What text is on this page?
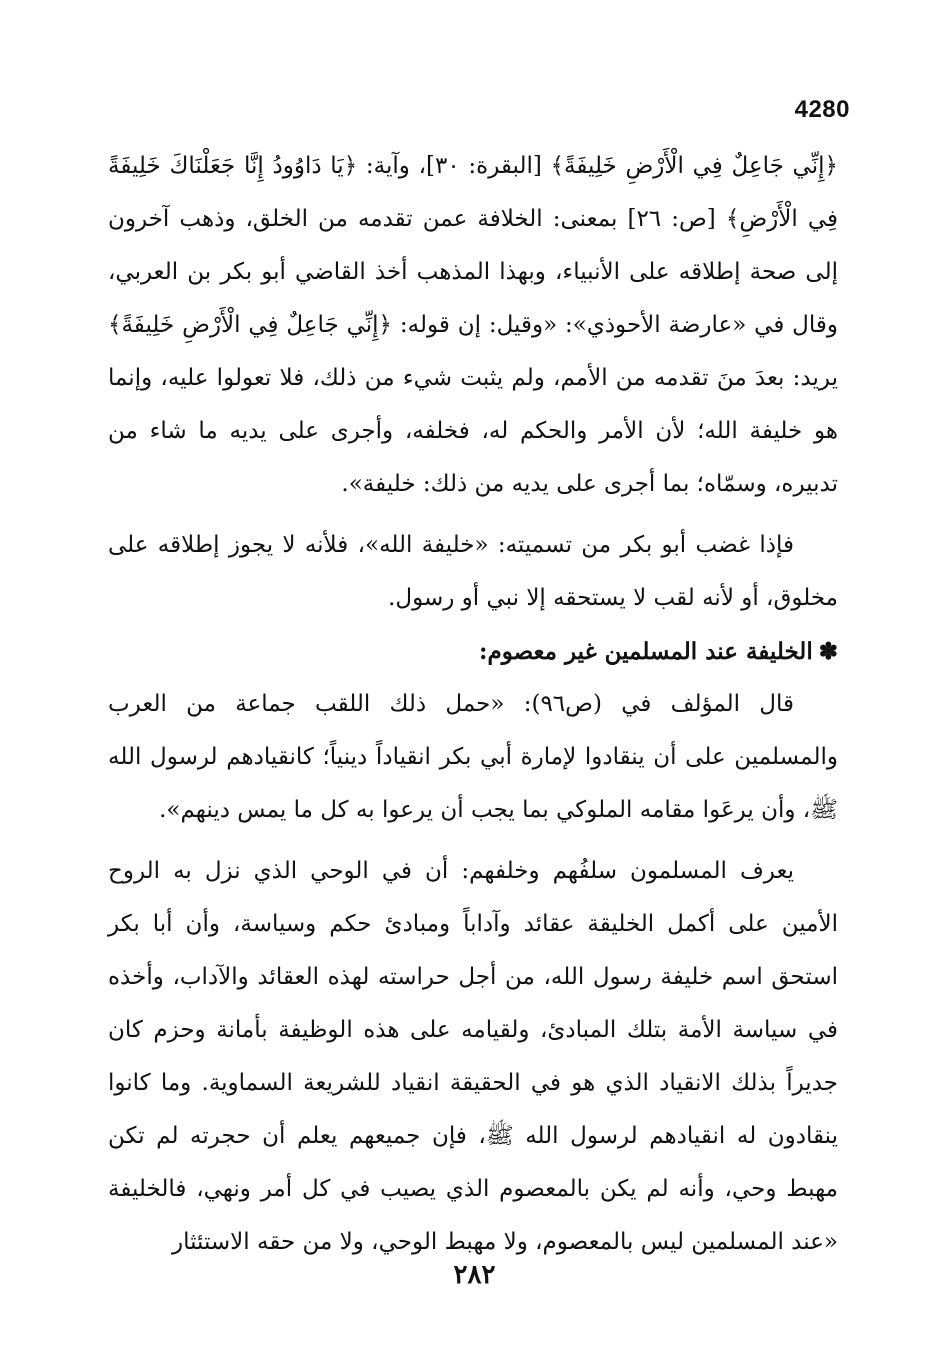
4280

﴿إِنِّي جَاعِلٌ فِي الْأَرْضِ خَلِيفَةً﴾ [البقرة: ٣٠]، وآية: ﴿يَا دَاوُودُ إِنَّا جَعَلْنَاكَ خَلِيفَةً فِي الْأَرْضِ﴾ [ص: ٢٦] بمعنى: الخلافة عمن تقدمه من الخلق، وذهب آخرون إلى صحة إطلاقه على الأنبياء، وبهذا المذهب أخذ القاضي أبو بكر بن العربي، وقال في «عارضة الأحوذي»: «وقيل: إن قوله: ﴿إِنِّي جَاعِلٌ فِي الْأَرْضِ خَلِيفَةً﴾ يريد: بعدَ منَ تقدمه من الأمم، ولم يثبت شيء من ذلك، فلا تعولوا عليه، وإنما هو خليفة الله؛ لأن الأمر والحكم له، فخلفه، وأجرى على يديه ما شاء من تدبيره، وسمّاه؛ بما أجرى على يديه من ذلك: خليفة».

فإذا غضب أبو بكر من تسميته: «خليفة الله»، فلأنه لا يجوز إطلاقه على مخلوق، أو لأنه لقب لا يستحقه إلا نبي أو رسول.

✽الخليفة عند المسلمين غير معصوم:

قال المؤلف في (ص٩٦): «حمل ذلك اللقب جماعة من العرب والمسلمين على أن ينقادوا لإمارة أبي بكر انقياداً دينياً؛ كانقيادهم لرسول الله ﷺ، وأن يرعَوا مقامه الملوكي بما يجب أن يرعوا به كل ما يمس دينهم».

يعرف المسلمون سلفُهم وخلفهم: أن في الوحي الذي نزل به الروح الأمين على أكمل الخليقة عقائد وآداباً ومبادئ حكم وسياسة، وأن أبا بكر استحق اسم خليفة رسول الله، من أجل حراسته لهذه العقائد والآداب، وأخذه في سياسة الأمة بتلك المبادئ، ولقيامه على هذه الوظيفة بأمانة وحزم كان جديراً بذلك الانقياد الذي هو في الحقيقة انقياد للشريعة السماوية. وما كانوا ينقادون له انقيادهم لرسول الله ﷺ، فإن جميعهم يعلم أن حجرته لم تكن مهبط وحي، وأنه لم يكن بالمعصوم الذي يصيب في كل أمر ونهي، فالخليفة «عند المسلمين ليس بالمعصوم، ولا مهبط الوحي، ولا من حقه الاستئثار

٢٨٢
